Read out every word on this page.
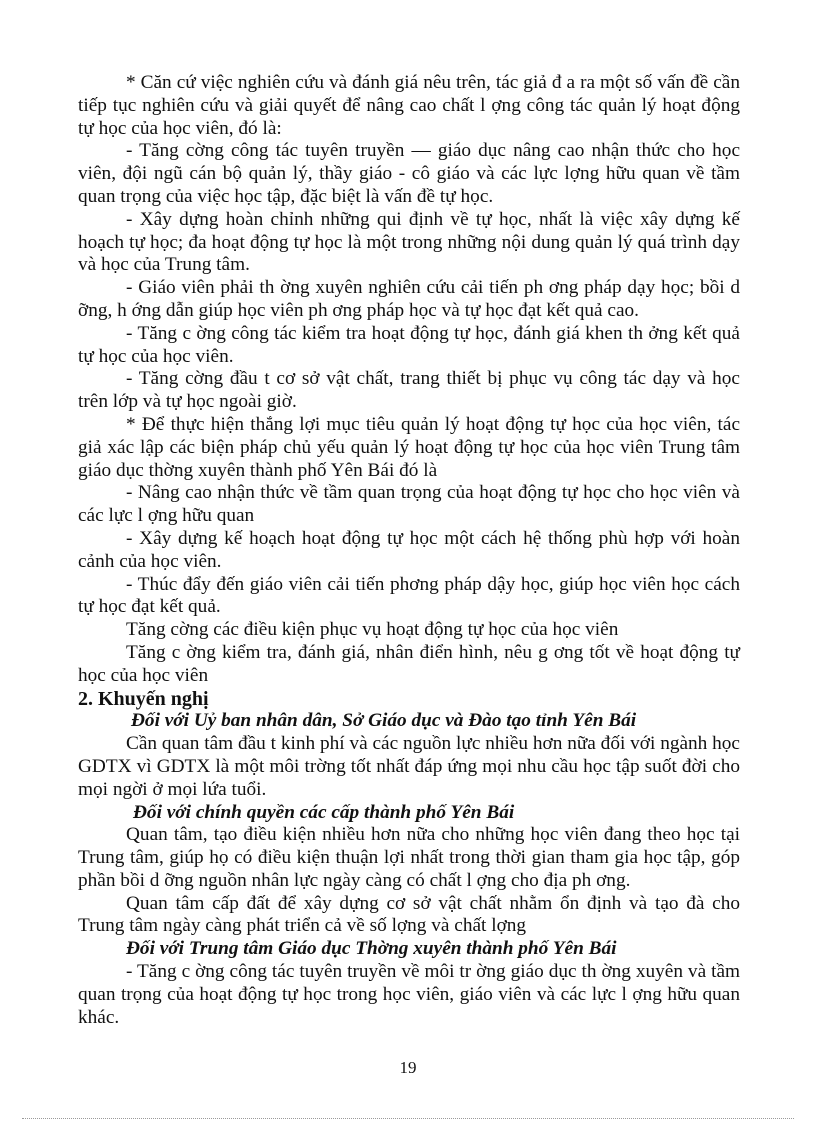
* Căn cứ việc nghiên cứu và đánh giá nêu trên, tác giả đ a ra một số vấn đề cần tiếp tục nghiên cứu và giải quyết để nâng cao chất l ợng công tác quản lý hoạt động tự học của học viên, đó là:

- Tăng cờng công tác tuyên truyền — giáo dục nâng cao nhận thức cho học viên, đội ngũ cán bộ quản lý, thầy giáo - cô giáo và các lực lợng hữu quan về tầm quan trọng của việc học tập, đặc biệt là vấn đề tự học.

- Xây dựng hoàn chỉnh những qui định về tự học, nhất là việc xây dựng kế hoạch tự học; đa hoạt động tự học là một trong những nội dung quản lý quá trình dạy và học của Trung tâm.

- Giáo viên phải th ờng xuyên nghiên cứu cải tiến ph ơng pháp dạy học; bồi d ỡng, h ớng dẫn giúp học viên ph ơng pháp học và tự học đạt kết quả cao.

- Tăng c ờng công tác kiểm tra hoạt động tự học, đánh giá khen th ởng kết quả tự học của học viên.

- Tăng cờng đầu t cơ sở vật chất, trang thiết bị phục vụ công tác dạy và học trên lớp và tự học ngoài giờ.

* Để thực hiện thắng lợi mục tiêu quản lý hoạt động tự học của học viên, tác giả xác lập các biện pháp chủ yếu quản lý hoạt động tự học của học viên Trung tâm giáo dục thờng xuyên thành phố Yên Bái đó là

- Nâng cao nhận thức về tầm quan trọng của hoạt động tự học cho học viên và các lực l ợng hữu quan

- Xây dựng kế hoạch hoạt động tự học một cách hệ thống phù hợp với hoàn cảnh của học viên.

- Thúc đẩy đến giáo viên cải tiến phơng pháp dậy học, giúp học viên học cách tự học đạt kết quả.

Tăng cờng các điều kiện phục vụ hoạt động tự học của học viên

Tăng c ờng kiểm tra, đánh giá, nhân điển hình, nêu g ơng tốt về hoạt động tự học của học viên

2. Khuyến nghị

Đối với Uỷ ban nhân dân, Sở Giáo dục và Đào tạo tỉnh Yên Bái

Cần quan tâm đầu t kinh phí và các nguồn lực nhiều hơn nữa đối với ngành học GDTX vì GDTX là một môi trờng tốt nhất đáp ứng mọi nhu cầu học tập suốt đời cho mọi ngời ở mọi lứa tuổi.

Đối với chính quyền các cấp thành phố Yên Bái

Quan tâm, tạo điều kiện nhiều hơn nữa cho những học viên đang theo học tại Trung tâm, giúp họ có điều kiện thuận lợi nhất trong thời gian tham gia học tập, góp phần bồi d ỡng nguồn nhân lực ngày càng có chất l ợng cho địa ph ơng.

Quan tâm cấp đất để xây dựng cơ sở vật chất nhằm ổn định và tạo đà cho Trung tâm ngày càng phát triển cả về số lợng và chất lợng

Đối với Trung tâm Giáo dục Thờng xuyên thành phố Yên Bái

- Tăng c ờng công tác tuyên truyền về môi tr ờng giáo dục th ờng xuyên và tầm quan trọng của hoạt động tự học trong học viên, giáo viên và các lực l ợng hữu quan khác.

19
